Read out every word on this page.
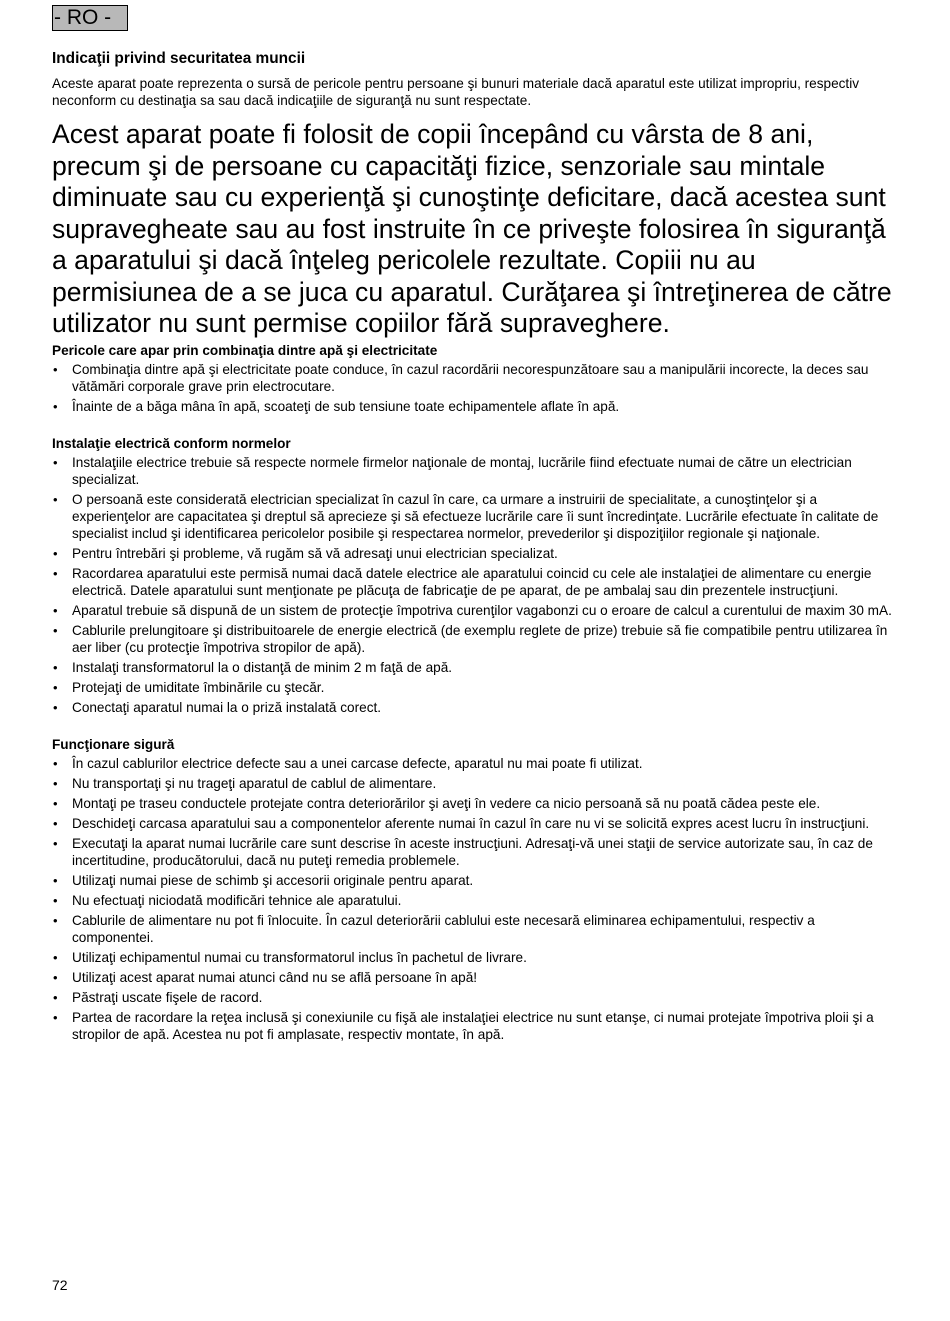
- RO -
Indicaţii privind securitatea muncii
Aceste aparat poate reprezenta o sursă de pericole pentru persoane şi bunuri materiale dacă aparatul este utilizat impropriu, respectiv neconform cu destinaţia sa sau dacă indicaţiile de siguranţă nu sunt respectate.
Acest aparat poate fi folosit de copii începând cu vârsta de 8 ani, precum şi de persoane cu capacităţi fizice, senzoriale sau mintale diminuate sau cu experienţă şi cunoştinţe deficitare, dacă acestea sunt supravegheate sau au fost instruite în ce priveşte folosirea în siguranţă a aparatului şi dacă înţeleg pericolele rezultate. Copiii nu au permisiunea de a se juca cu aparatul. Curăţarea şi întreţinerea de către utilizator nu sunt permise copiilor fără supraveghere.
Pericole care apar prin combinaţia dintre apă şi electricitate
• Combinaţia dintre apă şi electricitate poate conduce, în cazul racordării necorespunzătoare sau a manipulării incorecte, la deces sau vătămări corporale grave prin electrocutare.
• Înainte de a băga mâna în apă, scoateţi de sub tensiune toate echipamentele aflate în apă.
Instalaţie electrică conform normelor
• Instalaţiile electrice trebuie să respecte normele firmelor naţionale de montaj, lucrările fiind efectuate numai de către un electrician specializat.
• O persoană este considerată electrician specializat în cazul în care, ca urmare a instruirii de specialitate, a cunoştinţelor şi a experienţelor are capacitatea şi dreptul să aprecieze şi să efectueze lucrările care îi sunt încredinţate. Lucrările efectuate în calitate de specialist includ şi identificarea pericolelor posibile şi respectarea normelor, prevederilor şi dispoziţiilor regionale şi naţionale.
• Pentru întrebări şi probleme, vă rugăm să vă adresaţi unui electrician specializat.
• Racordarea aparatului este permisă numai dacă datele electrice ale aparatului coincid cu cele ale instalaţiei de alimentare cu energie electrică. Datele aparatului sunt menţionate pe plăcuţa de fabricaţie de pe aparat, de pe ambalaj sau din prezentele instrucţiuni.
• Aparatul trebuie să dispună de un sistem de protecţie împotriva curenţilor vagabonzi cu o eroare de calcul a curentului de maxim 30 mA.
• Cablurile prelungitoare şi distribuitoarele de energie electrică (de exemplu reglete de prize) trebuie să fie compatibile pentru utilizarea în aer liber (cu protecţie împotriva stropilor de apă).
• Instalaţi transformatorul la o distanţă de minim 2 m faţă de apă.
• Protejaţi de umiditate îmbinările cu ştecăr.
• Conectaţi aparatul numai la o priză instalată corect.
Funcţionare sigură
• În cazul cablurilor electrice defecte sau a unei carcase defecte, aparatul nu mai poate fi utilizat.
• Nu transportaţi şi nu trageţi aparatul de cablul de alimentare.
• Montaţi pe traseu conductele protejate contra deteriorărilor şi aveţi în vedere ca nicio persoană să nu poată cădea peste ele.
• Deschideţi carcasa aparatului sau a componentelor aferente numai în cazul în care nu vi se solicită expres acest lucru în instrucţiuni.
• Executaţi la aparat numai lucrările care sunt descrise în aceste instrucţiuni. Adresaţi-vă unei staţii de service autorizate sau, în caz de incertitudine, producătorului, dacă nu puteţi remedia problemele.
• Utilizaţi numai piese de schimb şi accesorii originale pentru aparat.
• Nu efectuaţi niciodată modificări tehnice ale aparatului.
• Cablurile de alimentare nu pot fi înlocuite. În cazul deteriorării cablului este necesară eliminarea echipamentului, respectiv a componentei.
• Utilizaţi echipamentul numai cu transformatorul inclus în pachetul de livrare.
• Utilizaţi acest aparat numai atunci când nu se află persoane în apă!
• Păstraţi uscate fişele de racord.
• Partea de racordare la reţea inclusă şi conexiunile cu fişă ale instalaţiei electrice nu sunt etanşe, ci numai protejate împotriva ploii şi a stropilor de apă. Acestea nu pot fi amplasate, respectiv montate, în apă.
72
